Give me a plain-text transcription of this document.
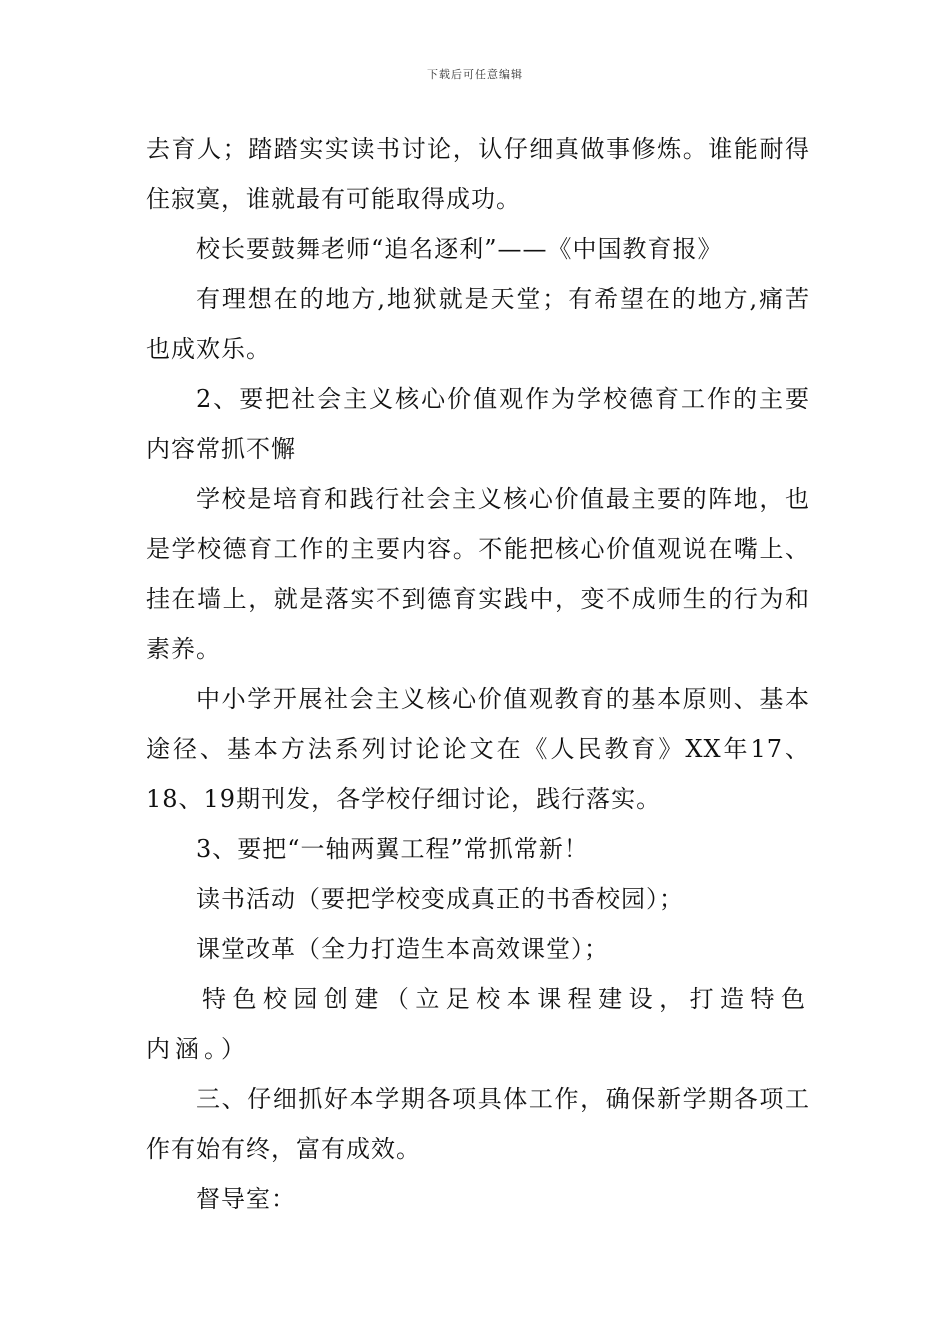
下载后可任意编辑

去育人；踏踏实实读书讨论，认仔细真做事修炼。谁能耐得住寂寞，谁就最有可能取得成功。

校长要鼓舞老师“追名逐利”——《中国教育报》

有理想在的地方,地狱就是天堂；有希望在的地方,痛苦也成欢乐。

2、要把社会主义核心价值观作为学校德育工作的主要内容常抓不懈

学校是培育和践行社会主义核心价值最主要的阵地，也是学校德育工作的主要内容。不能把核心价值观说在嘴上、挂在墙上，就是落实不到德育实践中，变不成师生的行为和素养。

中小学开展社会主义核心价值观教育的基本原则、基本途径、基本方法系列讨论论文在《人民教育》XX年17、18、19期刊发，各学校仔细讨论，践行落实。

3、要把“一轴两翼工程”常抓常新！

读书活动（要把学校变成真正的书香校园）；

课堂改革（全力打造生本高效课堂）；

特色校园创建（立足校本课程建设，打造特色内涵。）

三、仔细抓好本学期各项具体工作，确保新学期各项工作有始有终，富有成效。

督导室：
